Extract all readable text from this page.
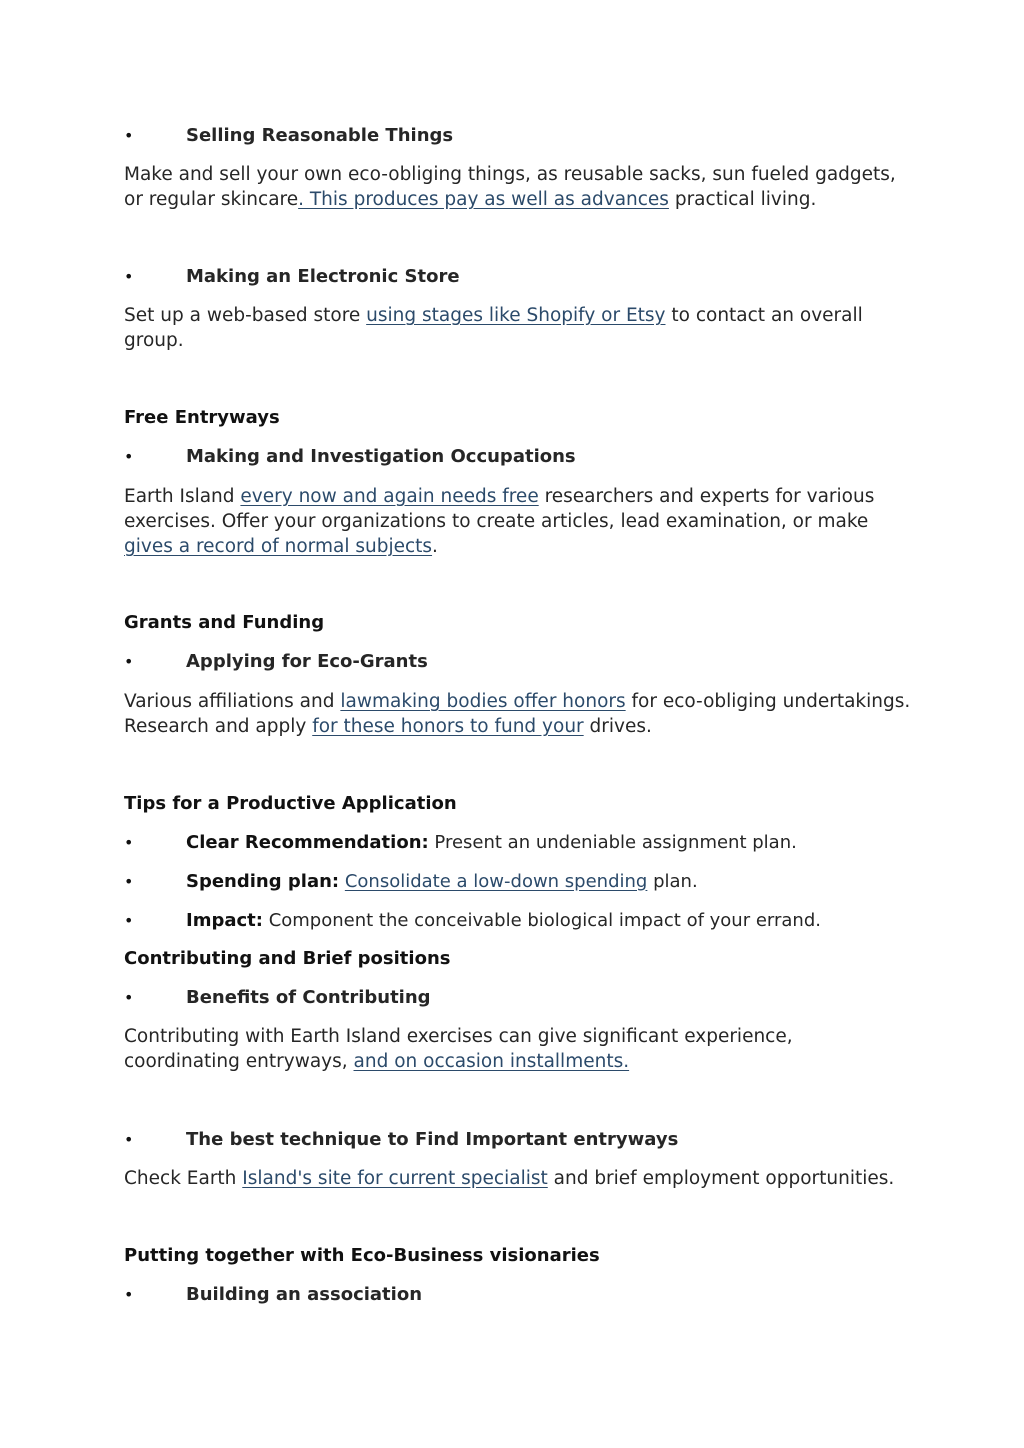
•	Selling Reasonable Things

Make and sell your own eco-obliging things, as reusable sacks, sun fueled gadgets, or regular skincare. This produces pay as well as advances practical living.

•	Making an Electronic Store

Set up a web-based store using stages like Shopify or Etsy to contact an overall group.

Free Entryways
•	Making and Investigation Occupations

Earth Island every now and again needs free researchers and experts for various exercises. Offer your organizations to create articles, lead examination, or make gives a record of normal subjects.

Grants and Funding
•	Applying for Eco-Grants

Various affiliations and lawmaking bodies offer honors for eco-obliging undertakings. Research and apply for these honors to fund your drives.

Tips for a Productive Application
•	Clear Recommendation: Present an undeniable assignment plan.
•	Spending plan: Consolidate a low-down spending plan.
•	Impact: Component the conceivable biological impact of your errand.
Contributing and Brief positions
•	Benefits of Contributing

Contributing with Earth Island exercises can give significant experience, coordinating entryways, and on occasion installments.

•	The best technique to Find Important entryways

Check Earth Island's site for current specialist and brief employment opportunities.

Putting together with Eco-Business visionaries
•	Building an association
